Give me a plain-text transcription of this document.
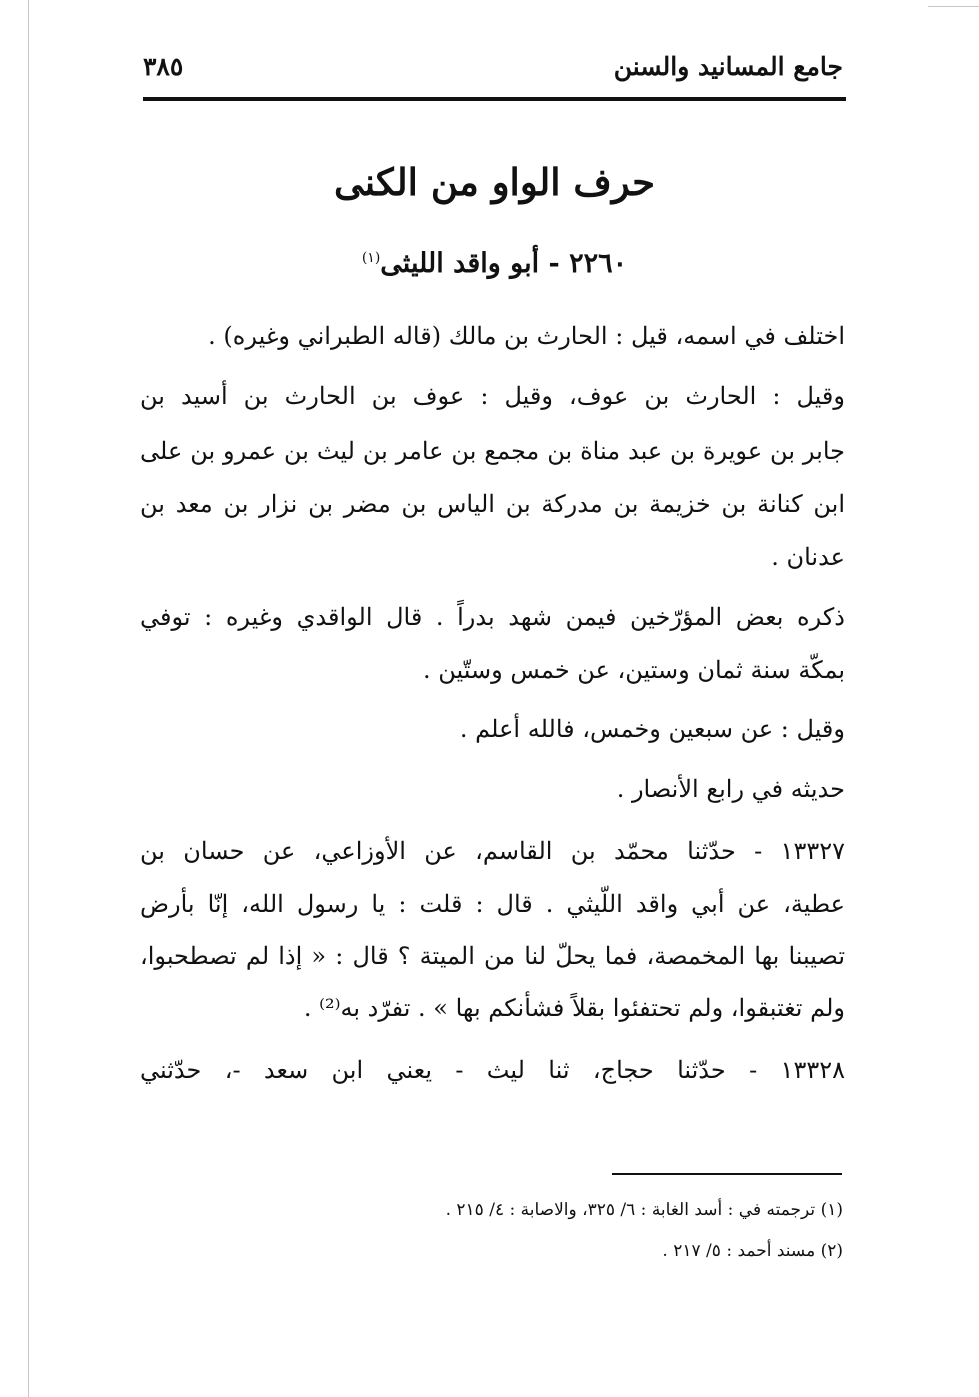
جامع المسانيد والسنن
٣٨٥
حرف الواو من الكنى
٢٢٦٠ - أبو واقد الليثى$^{(١)}$
اختلف في اسمه، قيل : الحارث بن مالك (قاله الطبراني وغيره) .
وقيل : الحارث بن عوف، وقيل : عوف بن الحارث بن أسيد بن
جابر بن عويرة بن عبد مناة بن مجمع بن عامر بن ليث بن عمرو بن على
ابن كنانة بن خزيمة بن مدركة بن الياس بن مضر بن نزار بن معد بن
عدنان .
ذكره بعض المؤرّخين فيمن شهد بدراً . قال الواقدي وغيره : توفي
بمكّة سنة ثمان وستين، عن خمس وستّين .
وقيل : عن سبعين وخمس، فالله أعلم .
حديثه في رابع الأنصار .
١٣٣٢٧ - حدّثنا محمّد بن القاسم، عن الأوزاعي، عن حسان بن
عطية، عن أبي واقد اللّيثي . قال : قلت : يا رسول الله، إنّا بأرض
تصيبنا بها المخمصة، فما يحلّ لنا من الميتة ؟ قال : « إذا لم تصطحبوا،
ولم تغتبقوا، ولم تحتفئوا بقلاً فشأنكم بها » . تفرّد به⁽²⁾ .
١٣٣٢٨ - حدّثنا حجاج، ثنا ليث - يعني ابن سعد -، حدّثني
(١) ترجمته في : أسد الغابة : ٦/ ٣٢٥، والاصابة : ٤/ ٢١٥ .
(٢) مسند أحمد : ٥/ ٢١٧ .
